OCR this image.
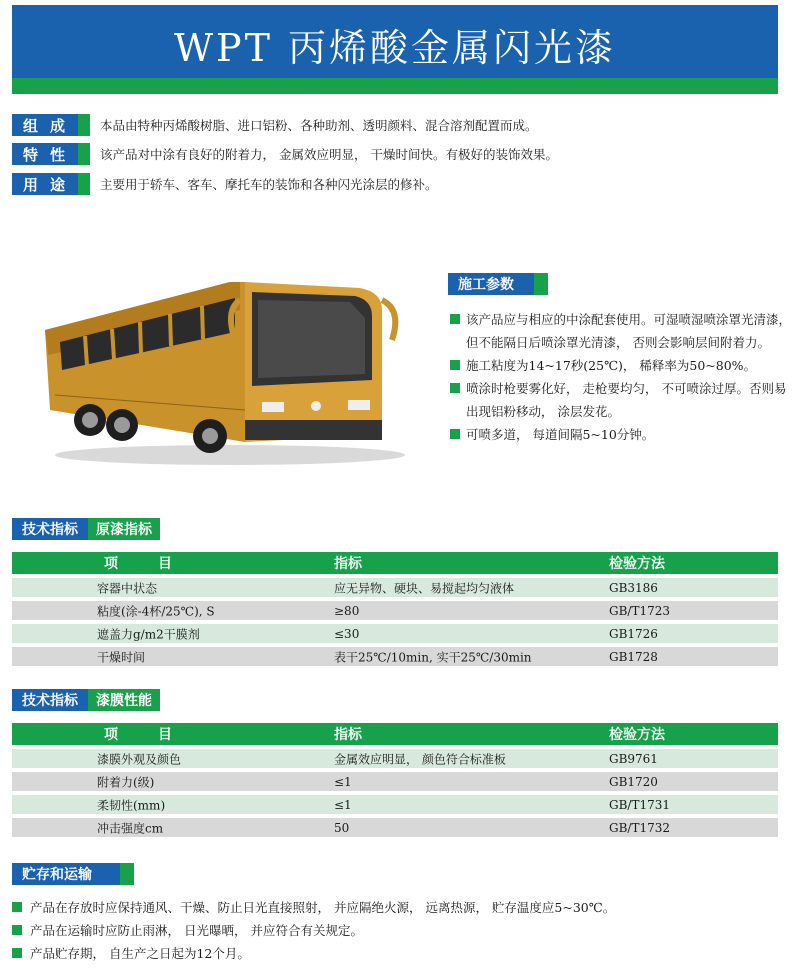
WPT 丙烯酸金属闪光漆
组成 本品由特种丙烯酸树脂、进口铝粉、各种助剂、透明颜料、混合溶剂配置而成。
特性 该产品对中涂有良好的附着力， 金属效应明显， 干燥时间快。有极好的装饰效果。
用途 主要用于轿车、客车、摩托车的装饰和各种闪光涂层的修补。
施工参数
该产品应与相应的中涂配套使用。可湿喷湿喷涂罩光清漆， 但不能隔日后喷涂罩光清漆， 否则会影响层间附着力。
施工粘度为14~17秒(25℃)， 稀释率为50~80%。
喷涂时枪要雾化好， 走枪要均匀， 不可喷涂过厚。否则易出现铝粉移动， 涂层发花。
可喷多道， 每道间隔5~10分钟。
技术指标	原漆指标
项目	指标	检验方法
容器中状态	应无异物、硬块、易搅起均匀液体	GB3186
粘度(涂-4杯/25℃), S	≥80	GB/T1723
遮盖力g/m2干膜剂	≤30	GB1726
干燥时间	表干25℃/10min, 实干25℃/30min	GB1728
技术指标	漆膜性能
项目	指标	检验方法
漆膜外观及颜色	金属效应明显， 颜色符合标准板	GB9761
附着力(级)	≤1	GB1720
柔韧性(mm)	≤1	GB/T1731
冲击强度cm	50	GB/T1732
贮存和运输
产品在存放时应保持通风、干燥、防止日光直接照射， 并应隔绝火源， 远离热源， 贮存温度应5~30℃。
产品在运输时应防止雨淋， 日光曝晒， 并应符合有关规定。
产品贮存期， 自生产之日起为12个月。
